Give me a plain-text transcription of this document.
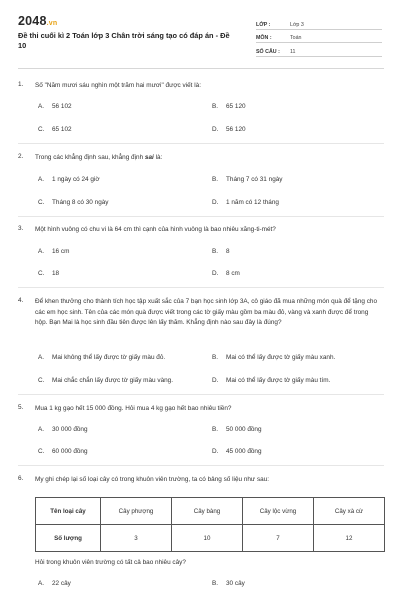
2048.vn
Đề thi cuối kì 2 Toán lớp 3 Chân trời sáng tạo có đáp án - Đề 10
LỚP :	Lớp 3
MÔN :	Toán
SỐ CÂU :	11
1.	Số "Năm mươi sáu nghìn một trăm hai mươi" được viết là:
A. 56 102	B. 65 120
C. 65 102	D. 56 120
2.	Trong các khẳng định sau, khẳng định sai là:
A. 1 ngày có 24 giờ	B. Tháng 7 có 31 ngày
C. Tháng 8 có 30 ngày	D. 1 năm có 12 tháng
3.	Một hình vuông có chu vi là 64 cm thì cạnh của hình vuông là bao nhiêu xăng-ti-mét?
A. 16 cm	B. 8
C. 18	D. 8 cm
4.	Để khen thưởng cho thành tích học tập xuất sắc của 7 bạn học sinh lớp 3A, cô giáo đã mua những món quà để tặng cho các em học sinh. Tên của các món quà được viết trong các tờ giấy màu gồm ba màu đỏ, vàng và xanh được để trong hộp. Bạn Mai là học sinh đầu tiên được lên lấy thăm. Khẳng định nào sau đây là đúng?
A. Mai không thể lấy được tờ giấy màu đỏ.	B. Mai có thể lấy được tờ giấy màu xanh.
C. Mai chắc chắn lấy được tờ giấy màu vàng.	D. Mai có thể lấy được tờ giấy màu tím.
5.	Mua 1 kg gạo hết 15 000 đồng. Hỏi mua 4 kg gạo hết bao nhiêu tiền?
A. 30 000 đồng	B. 50 000 đồng
C. 60 000 đồng	D. 45 000 đồng
6.	My ghi chép lại số loại cây có trong khuôn viên trường, ta có bảng số liệu như sau:
Tên loại cây	Cây phượng	Cây bàng	Cây lộc vừng	Cây xà cừ
Số lượng	3	10	7	12
Hỏi trong khuôn viên trường có tất cả bao nhiêu cây?
A. 22 cây	B. 30 cây
